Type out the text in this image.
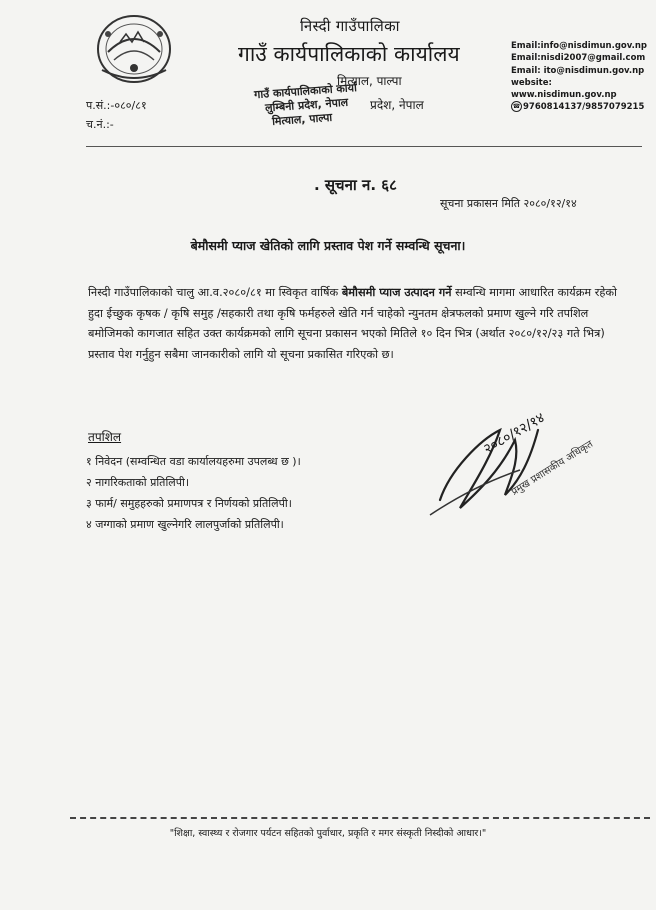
निस्दी गाउँपालिका
गाउँ कार्यपालिकाको कार्यालय
मित्याल, पाल्पा
प्रदेश, नेपाल
गाउँ कार्यपालिकाको कार्या
लुम्बिनी प्रदेश, नेपाल
मित्याल, पाल्पा
Email:info@nisdimun.gov.np
Email:nisdi2007@gmail.com
Email: ito@nisdimun.gov.np
website:
www.nisdimun.gov.np
☎ 9760814137/9857079215
प.सं.:-०८०/८१
च.नं.:-
. सूचना न. ६८
सूचना प्रकासन मिति २०८०/१२/१४
बेमौसमी प्याज खेतिको लागि प्रस्ताव पेश गर्ने सम्वन्धि सूचना।

निस्दी गाउँपालिकाको चालु आ.व.२०८०/८१ मा स्विकृत वार्षिक बेमौसमी प्याज उत्पादन गर्ने सम्वन्धि मागमा आधारित कार्यक्रम रहेको हुदा ईच्छुक कृषक / कृषि समुह /सहकारी तथा कृषि फर्महरुले खेति गर्न चाहेको न्युनतम क्षेत्रफलको प्रमाण खुल्ने गरि तपशिल बमोजिमको कागजात सहित उक्त कार्यक्रमको लागि सूचना प्रकासन भएको मितिले १० दिन भित्र (अर्थात २०८०/१२/२३ गते भित्र) प्रस्ताव पेश गर्नुहुन सबैमा जानकारीको लागि यो सूचना प्रकासित गरिएको छ।

तपशिल
१ निवेदन (सम्वन्धित वडा कार्यालयहरुमा उपलब्ध छ )।
२ नागरिकताको प्रतिलिपी।
३ फार्म/ समुहहरुको प्रमाणपत्र र निर्णयको प्रतिलिपी।
४ जग्गाको प्रमाण खुल्नेगरि लालपुर्जाको प्रतिलिपी।
२०८०/१२/१४
प्रमुख प्रशासकीय अधिकृत
"शिक्षा, स्वास्थ्य र रोजगार पर्यटन सहितको पुर्वाधार, प्रकृति र मगर संस्कृती निस्दीको आधार।"
